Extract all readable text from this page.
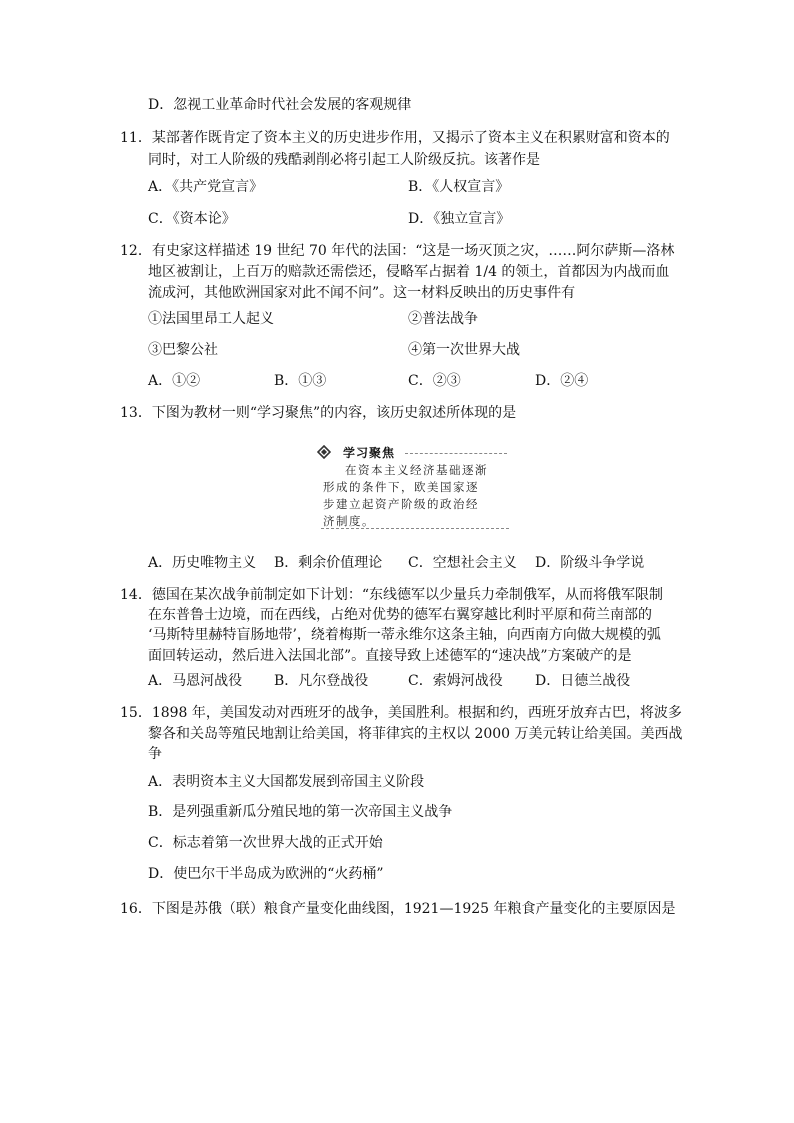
D．忽视工业革命时代社会发展的客观规律
11．某部著作既肯定了资本主义的历史进步作用，又揭示了资本主义在积累财富和资本的
同时，对工人阶级的残酷剥削必将引起工人阶级反抗。该著作是
A．《共产党宣言》	B．《人权宣言》
C．《资本论》	D．《独立宣言》
12．有史家这样描述 19 世纪 70 年代的法国：“这是一场灭顶之灾，……阿尔萨斯—洛林
地区被割让，上百万的赔款还需偿还，侵略军占据着 1/4 的领土，首都因为内战而血
流成河，其他欧洲国家对此不闻不问”。这一材料反映出的历史事件有
①法国里昂工人起义	②普法战争
③巴黎公社	④第一次世界大战
A．①②	B．①③	C．②③	D．②④
13．下图为教材一则“学习聚焦”的内容，该历史叙述所体现的是
学习聚焦
在资本主义经济基础逐渐
形成的条件下，欧美国家逐
步建立起资产阶级的政治经
济制度。
A．历史唯物主义 B．剩余价值理论 C．空想社会主义 D．阶级斗争学说
14．德国在某次战争前制定如下计划：“东线德军以少量兵力牵制俄军，从而将俄军限制
在东普鲁士边境，而在西线，占绝对优势的德军右翼穿越比利时平原和荷兰南部的
‘马斯特里赫特盲肠地带’，绕着梅斯一蒂永维尔这条主轴，向西南方向做大规模的弧
面回转运动，然后进入法国北部”。直接导致上述德军的“速决战”方案破产的是
A．马恩河战役 B．凡尔登战役	C．索姆河战役 D．日德兰战役
15．1898 年，美国发动对西班牙的战争，美国胜利。根据和约，西班牙放弃古巴，将波多
黎各和关岛等殖民地割让给美国，将菲律宾的主权以 2000 万美元转让给美国。美西战
争
A．表明资本主义大国都发展到帝国主义阶段
B．是列强重新瓜分殖民地的第一次帝国主义战争
C．标志着第一次世界大战的正式开始
D．使巴尔干半岛成为欧洲的“火药桶”
16．下图是苏俄（联）粮食产量变化曲线图，1921—1925 年粮食产量变化的主要原因是
